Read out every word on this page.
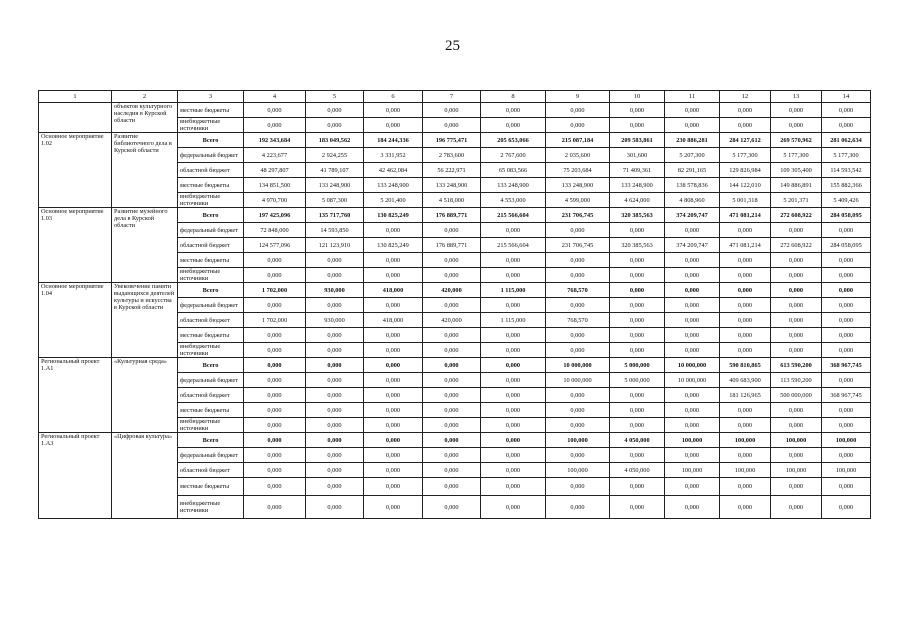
25
1	2	3	4	5	6	7	8	9	10	11	12	13	14
	объектов культурного наследия в Курской области	местные бюджеты	0,000	0,000	0,000	0,000	0,000	0,000	0,000	0,000	0,000	0,000	0,000
		внебюджетные источники	0,000	0,000	0,000	0,000	0,000	0,000	0,000	0,000	0,000	0,000	0,000
Основное мероприятие 1.02	Развитие библиотечного дела в Курской области	Всего	192 343,684	183 049,562	184 244,336	196 775,471	205 653,066	215 087,184	209 583,861	230 886,281	284 127,612	269 570,962	281 062,634
		федеральный бюджет	4 223,677	2 924,255	3 331,952	2 783,600	2 767,600	2 035,600	301,600	5 207,300	5 177,300	5 177,300	5 177,300
		областной бюджет	48 297,807	41 789,107	42 462,084	56 222,971	65 083,566	75 203,684	71 409,361	82 291,165	129 826,984	109 305,400	114 593,542
		местные бюджеты	134 851,500	133 248,900	133 248,900	133 248,900	133 248,900	133 248,900	133 248,900	138 578,836	144 122,010	149 886,891	155 882,366
		внебюджетные источники	4 970,700	5 087,300	5 201,400	4 518,000	4 553,000	4 599,000	4 624,000	4 808,960	5 001,318	5 201,371	5 409,426
Основное мероприятие 1.03	Развитие музейного дела в Курской области	Всего	197 425,096	135 717,760	130 825,249	176 889,771	215 566,604	231 706,745	320 385,563	374 209,747	471 081,214	272 608,922	284 058,095
		федеральный бюджет	72 848,000	14 593,850	0,000	0,000	0,000	0,000	0,000	0,000	0,000	0,000	0,000
		областной бюджет	124 577,096	121 123,910	130 825,249	176 889,771	215 566,604	231 706,745	320 385,563	374 209,747	471 081,214	272 608,922	284 058,095
		местные бюджеты	0,000	0,000	0,000	0,000	0,000	0,000	0,000	0,000	0,000	0,000	0,000
		внебюджетные источники	0,000	0,000	0,000	0,000	0,000	0,000	0,000	0,000	0,000	0,000	0,000
Основное мероприятие 1.04	Увековечение памяти выдающихся деятелей культуры и искусства в Курской области	Всего	1 702,000	930,000	418,000	420,000	1 115,000	768,570	0,000	0,000	0,000	0,000	0,000
		федеральный бюджет	0,000	0,000	0,000	0,000	0,000	0,000	0,000	0,000	0,000	0,000	0,000
		областной бюджет	1 702,000	930,000	418,000	420,000	1 115,000	768,570	0,000	0,000	0,000	0,000	0,000
		местные бюджеты	0,000	0,000	0,000	0,000	0,000	0,000	0,000	0,000	0,000	0,000	0,000
		внебюджетные источники	0,000	0,000	0,000	0,000	0,000	0,000	0,000	0,000	0,000	0,000	0,000
Региональный проект 1.А1	«Культурная среда»	Всего	0,000	0,000	0,000	0,000	0,000	10 000,000	5 000,000	10 000,000	590 810,865	613 590,200	368 967,745
		федеральный бюджет	0,000	0,000	0,000	0,000	0,000	10 000,000	5 000,000	10 000,000	409 683,900	113 590,200	0,000
		областной бюджет	0,000	0,000	0,000	0,000	0,000	0,000	0,000	0,000	181 126,965	500 000,000	368 967,745
		местные бюджеты	0,000	0,000	0,000	0,000	0,000	0,000	0,000	0,000	0,000	0,000	0,000
		внебюджетные источники	0,000	0,000	0,000	0,000	0,000	0,000	0,000	0,000	0,000	0,000	0,000
Региональный проект 1.А3	«Цифровая культура»	Всего	0,000	0,000	0,000	0,000	0,000	100,000	4 050,000	100,000	100,000	100,000	100,000
		федеральный бюджет	0,000	0,000	0,000	0,000	0,000	0,000	0,000	0,000	0,000	0,000	0,000
		областной бюджет	0,000	0,000	0,000	0,000	0,000	100,000	4 050,000	100,000	100,000	100,000	100,000
		местные бюджеты	0,000	0,000	0,000	0,000	0,000	0,000	0,000	0,000	0,000	0,000	0,000
		внебюджетные источники	0,000	0,000	0,000	0,000	0,000	0,000	0,000	0,000	0,000	0,000	0,000
